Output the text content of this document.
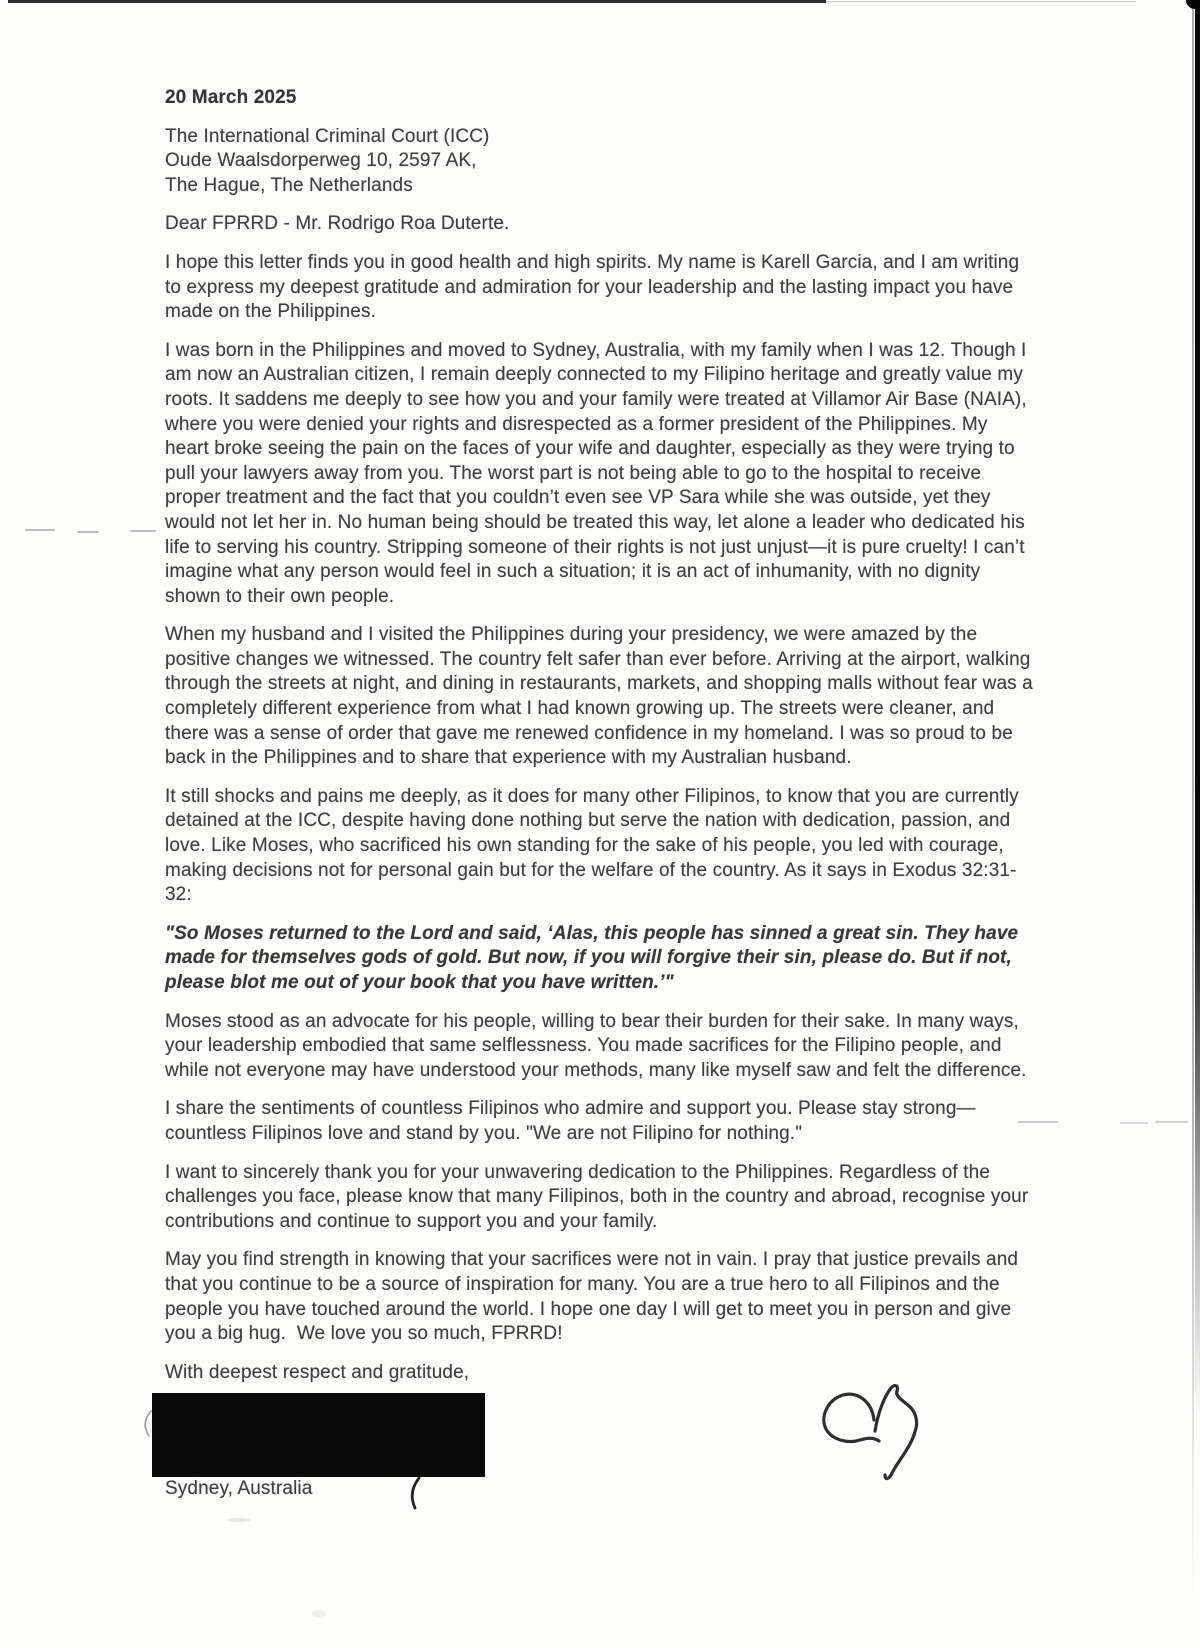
20 March 2025
The International Criminal Court (ICC)
Oude Waalsdorperweg 10, 2597 AK,
The Hague, The Netherlands
Dear FPRRD - Mr. Rodrigo Roa Duterte.
I hope this letter finds you in good health and high spirits. My name is Karell Garcia, and I am writing
to express my deepest gratitude and admiration for your leadership and the lasting impact you have
made on the Philippines.
I was born in the Philippines and moved to Sydney, Australia, with my family when I was 12. Though I
am now an Australian citizen, I remain deeply connected to my Filipino heritage and greatly value my
roots. It saddens me deeply to see how you and your family were treated at Villamor Air Base (NAIA),
where you were denied your rights and disrespected as a former president of the Philippines. My
heart broke seeing the pain on the faces of your wife and daughter, especially as they were trying to
pull your lawyers away from you. The worst part is not being able to go to the hospital to receive
proper treatment and the fact that you couldn’t even see VP Sara while she was outside, yet they
would not let her in. No human being should be treated this way, let alone a leader who dedicated his
life to serving his country. Stripping someone of their rights is not just unjust—it is pure cruelty! I can’t
imagine what any person would feel in such a situation; it is an act of inhumanity, with no dignity
shown to their own people.
When my husband and I visited the Philippines during your presidency, we were amazed by the
positive changes we witnessed. The country felt safer than ever before. Arriving at the airport, walking
through the streets at night, and dining in restaurants, markets, and shopping malls without fear was a
completely different experience from what I had known growing up. The streets were cleaner, and
there was a sense of order that gave me renewed confidence in my homeland. I was so proud to be
back in the Philippines and to share that experience with my Australian husband.
It still shocks and pains me deeply, as it does for many other Filipinos, to know that you are currently
detained at the ICC, despite having done nothing but serve the nation with dedication, passion, and
love. Like Moses, who sacrificed his own standing for the sake of his people, you led with courage,
making decisions not for personal gain but for the welfare of the country. As it says in Exodus 32:31-
32:
"So Moses returned to the Lord and said, ‘Alas, this people has sinned a great sin. They have
made for themselves gods of gold. But now, if you will forgive their sin, please do. But if not,
please blot me out of your book that you have written.’"
Moses stood as an advocate for his people, willing to bear their burden for their sake. In many ways,
your leadership embodied that same selflessness. You made sacrifices for the Filipino people, and
while not everyone may have understood your methods, many like myself saw and felt the difference.
I share the sentiments of countless Filipinos who admire and support you. Please stay strong—
countless Filipinos love and stand by you. "We are not Filipino for nothing."
I want to sincerely thank you for your unwavering dedication to the Philippines. Regardless of the
challenges you face, please know that many Filipinos, both in the country and abroad, recognise your
contributions and continue to support you and your family.
May you find strength in knowing that your sacrifices were not in vain. I pray that justice prevails and
that you continue to be a source of inspiration for many. You are a true hero to all Filipinos and the
people you have touched around the world. I hope one day I will get to meet you in person and give
you a big hug.  We love you so much, FPRRD!
With deepest respect and gratitude,
Sydney, Australia
